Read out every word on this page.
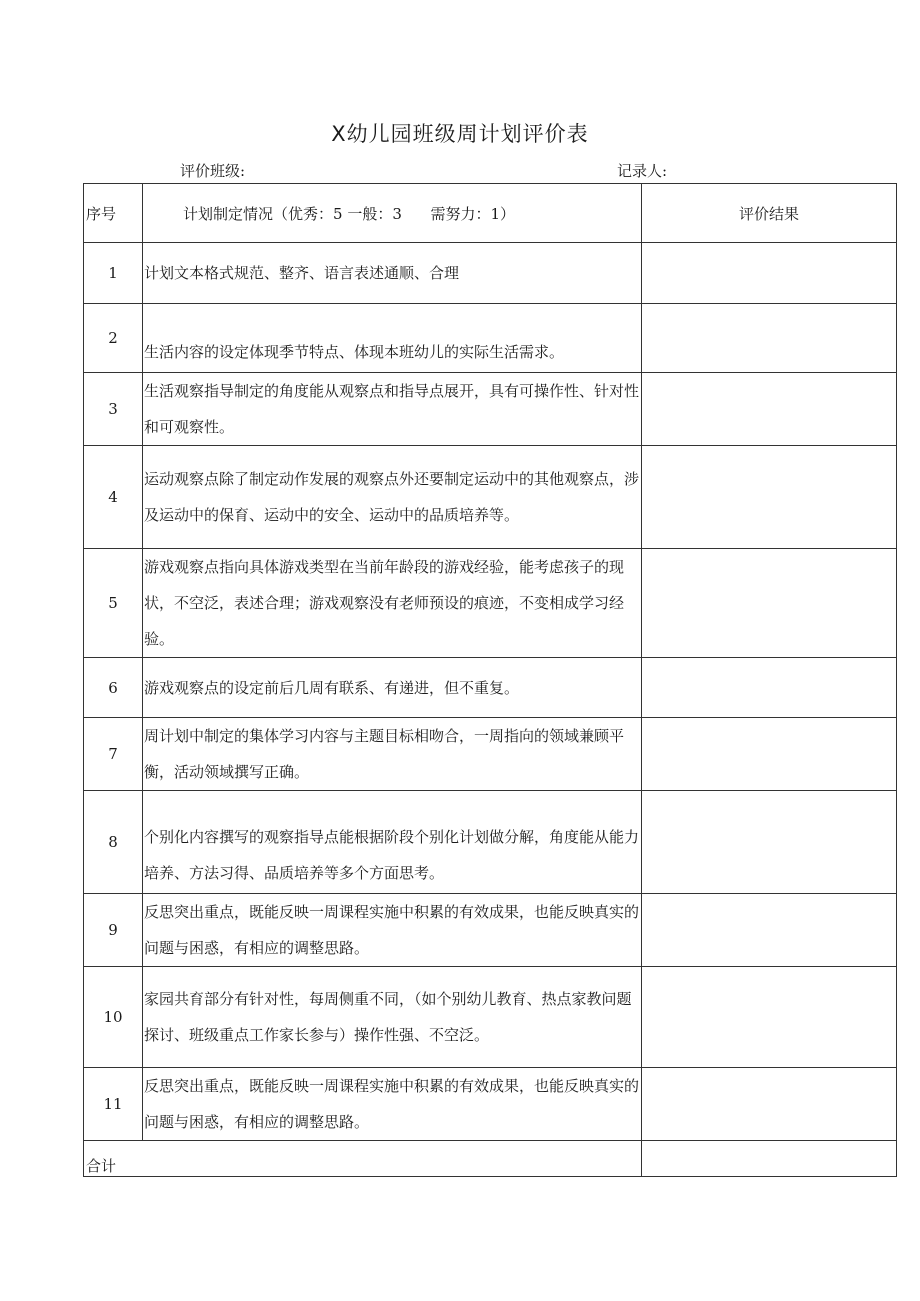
X幼儿园班级周计划评价表
评价班级:	记录人:
序号	计划制定情况（优秀：5 一般：3      需努力：1）	评价结果
1	计划文本格式规范、整齐、语言表述通顺、合理	

2	生活内容的设定体现季节特点、体现本班幼儿的实际生活需求。	

3	生活观察指导制定的角度能从观察点和指导点展开，具有可操作性、针对性和可观察性。	

4	运动观察点除了制定动作发展的观察点外还要制定运动中的其他观察点，涉及运动中的保育、运动中的安全、运动中的品质培养等。	

5	游戏观察点指向具体游戏类型在当前年龄段的游戏经验，能考虑孩子的现状，不空泛，表述合理；游戏观察没有老师预设的痕迹，不变相成学习经验。	

6	游戏观察点的设定前后几周有联系、有递进，但不重复。	

7	周计划中制定的集体学习内容与主题目标相吻合，一周指向的领域兼顾平衡，活动领域撰写正确。	

8	个别化内容撰写的观察指导点能根据阶段个别化计划做分解，角度能从能力培养、方法习得、品质培养等多个方面思考。	

9	反思突出重点，既能反映一周课程实施中积累的有效成果，也能反映真实的问题与困惑，有相应的调整思路。	

10	家园共育部分有针对性，每周侧重不同，（如个别幼儿教育、热点家教问题探讨、班级重点工作家长参与）操作性强、不空泛。	

11	反思突出重点，既能反映一周课程实施中积累的有效成果，也能反映真实的问题与困惑，有相应的调整思路。	

合计		
